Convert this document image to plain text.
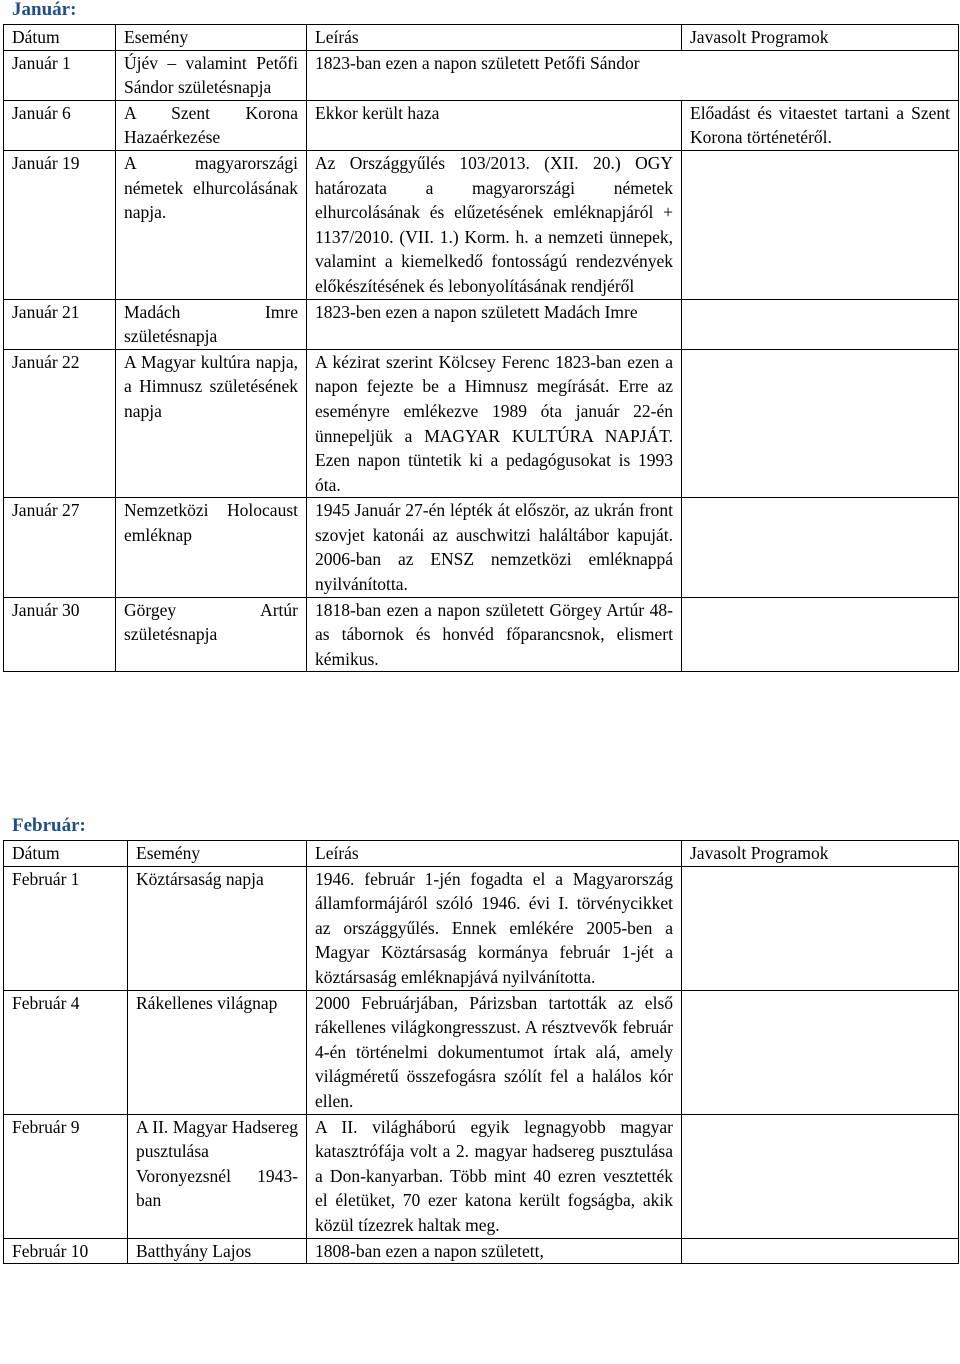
Január:
Dátum	Esemény	Leírás	Javasolt Programok
Január 1	Újév – valamint Petőfi Sándor születésnapja	1823-ban ezen a napon született Petőfi Sándor	
Január 6	A Szent Korona Hazaérkezése	Ekkor került haza	Előadást és vitaestet tartani a Szent Korona történetéről.
Január 19	A magyarországi németek elhurcolásának napja.	Az Országgyűlés 103/2013. (XII. 20.) OGY határozata a magyarországi németek elhurcolásának és elűzetésének emléknapjáról + 1137/2010. (VII. 1.) Korm. h. a nemzeti ünnepek, valamint a kiemelkedő fontosságú rendezvények előkészítésének és lebonyolításának rendjéről	
Január 21	Madách Imre születésnapja	1823-ben ezen a napon született Madách Imre	
Január 22	A Magyar kultúra napja, a Himnusz születésének napja	A kézirat szerint Kölcsey Ferenc 1823-ban ezen a napon fejezte be a Himnusz megírását. Erre az eseményre emlékezve 1989 óta január 22-én ünnepeljük a MAGYAR KULTÚRA NAPJÁT. Ezen napon tüntetik ki a pedagógusokat is 1993 óta.	
Január 27	Nemzetközi Holocaust emléknap	1945 Január 27-én lépték át először, az ukrán front szovjet katonái az auschwitzi haláltábor kapuját. 2006-ban az ENSZ nemzetközi emléknappá nyilvánította.	
Január 30	Görgey Artúr születésnapja	1818-ban ezen a napon született Görgey Artúr 48-as tábornok és honvéd főparancsnok, elismert kémikus.	
Február:
Dátum	Esemény	Leírás	Javasolt Programok
Február 1	Köztársaság napja	1946. február 1-jén fogadta el a Magyarország államformájáról szóló 1946. évi I. törvénycikket az országgyűlés. Ennek emlékére 2005-ben a Magyar Köztársaság kormánya február 1-jét a köztársaság emléknapjává nyilvánította.	
Február 4	Rákellenes világnap	2000 Februárjában, Párizsban tartották az első rákellenes világkongresszust. A résztvevők február 4-én történelmi dokumentumot írtak alá, amely világméretű összefogásra szólít fel a halálos kór ellen.	
Február 9	A II. Magyar Hadsereg pusztulása Voronyezsnél 1943-ban	A II. világháború egyik legnagyobb magyar katasztrófája volt a 2. magyar hadsereg pusztulása a Don-kanyarban. Több mint 40 ezren vesztették el életüket, 70 ezer katona került fogságba, akik közül tízezrek haltak meg.	
Február 10	Batthyány Lajos	1808-ban ezen a napon született,	
